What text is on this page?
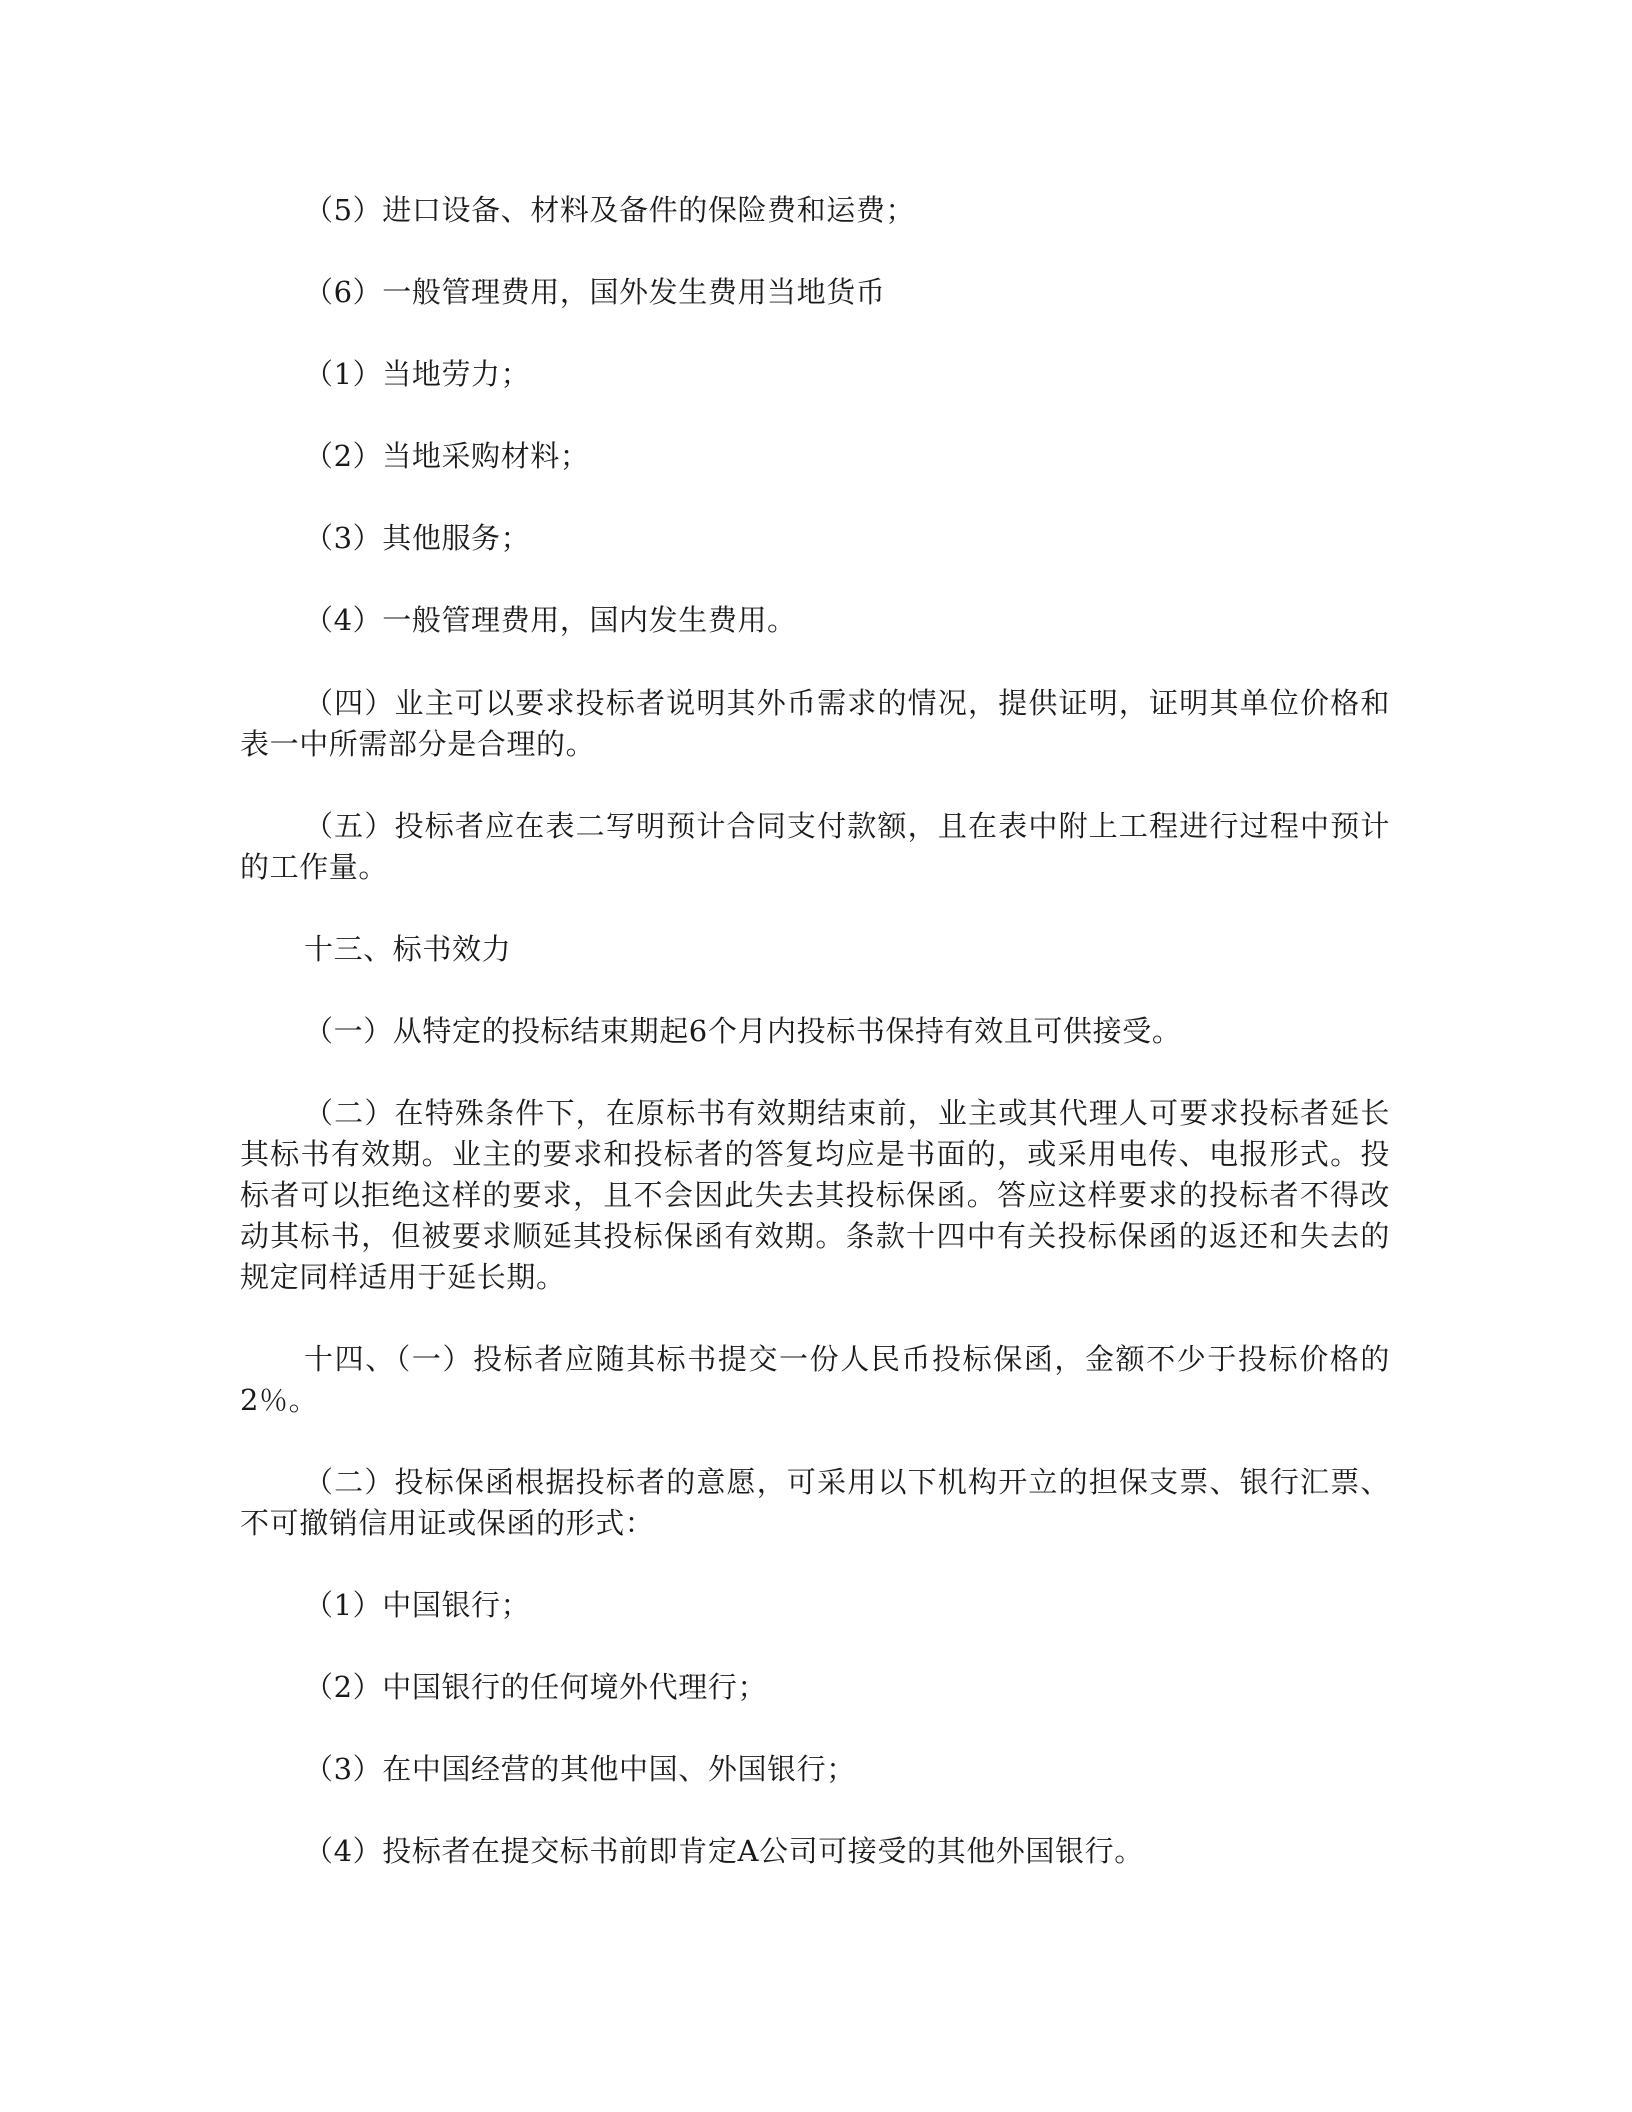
（5）进口设备、材料及备件的保险费和运费；

（6）一般管理费用，国外发生费用当地货币

（1）当地劳力；

（2）当地采购材料；

（3）其他服务；

（4）一般管理费用，国内发生费用。

（四）业主可以要求投标者说明其外币需求的情况，提供证明，证明其单位价格和表一中所需部分是合理的。

（五）投标者应在表二写明预计合同支付款额，且在表中附上工程进行过程中预计的工作量。

十三、标书效力

（一）从特定的投标结束期起6个月内投标书保持有效且可供接受。

（二）在特殊条件下，在原标书有效期结束前，业主或其代理人可要求投标者延长其标书有效期。业主的要求和投标者的答复均应是书面的，或采用电传、电报形式。投标者可以拒绝这样的要求，且不会因此失去其投标保函。答应这样要求的投标者不得改动其标书，但被要求顺延其投标保函有效期。条款十四中有关投标保函的返还和失去的规定同样适用于延长期。

十四、（一）投标者应随其标书提交一份人民币投标保函，金额不少于投标价格的2％。

（二）投标保函根据投标者的意愿，可采用以下机构开立的担保支票、银行汇票、不可撤销信用证或保函的形式：

（1）中国银行；

（2）中国银行的任何境外代理行；

（3）在中国经营的其他中国、外国银行；

（4）投标者在提交标书前即肯定A公司可接受的其他外国银行。
